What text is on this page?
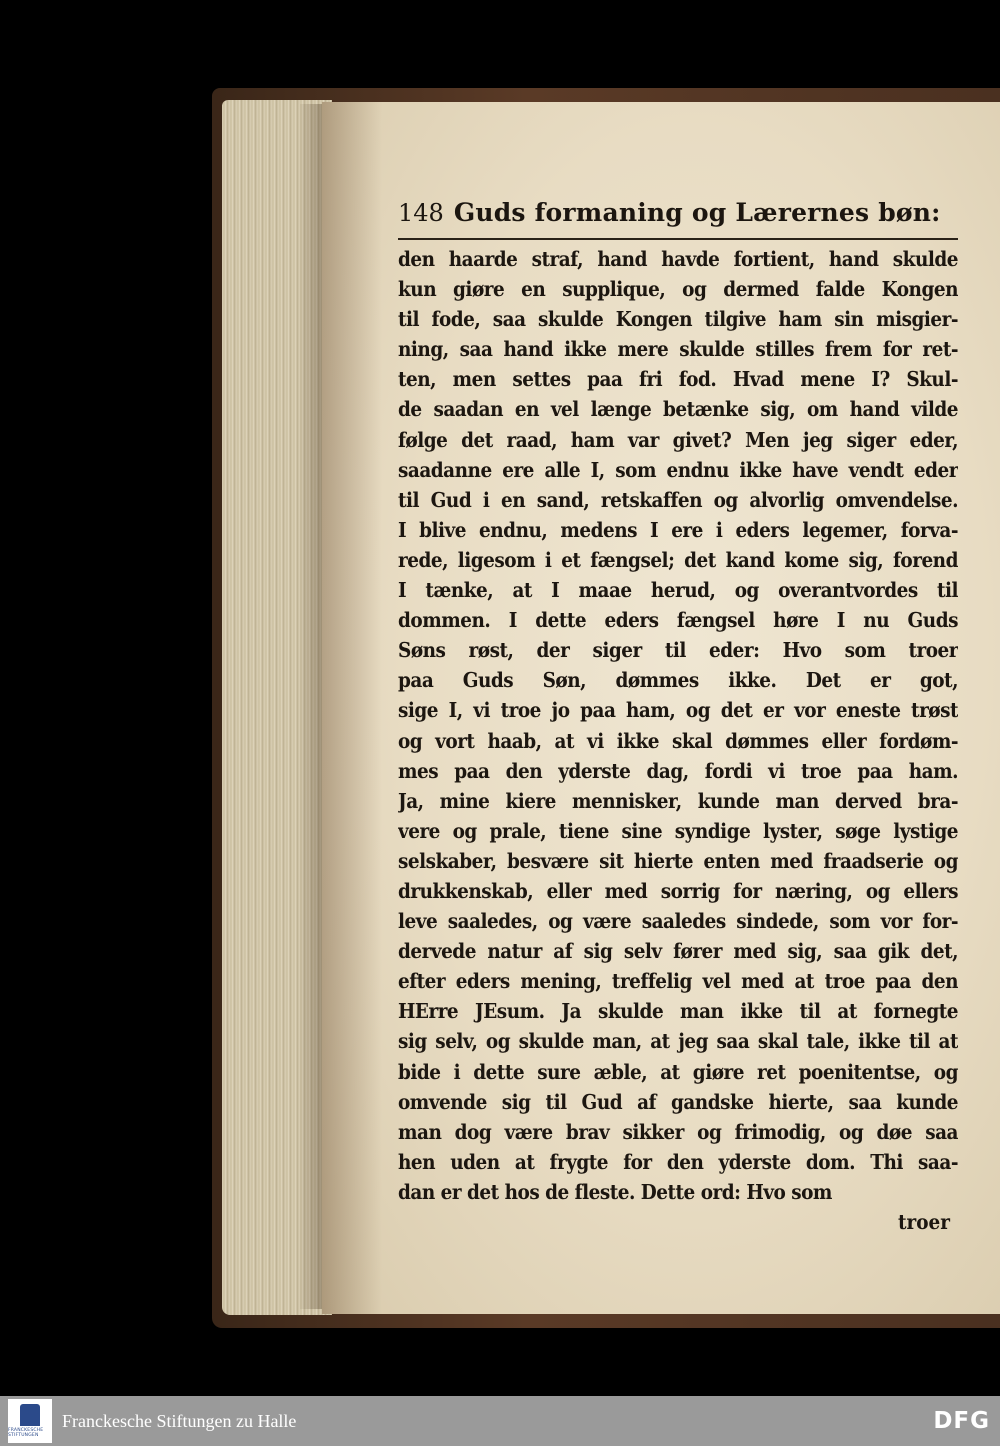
148 Guds formaning og Lærernes bøn:
den haarde straf, hand havde fortient, hand skulde
kun giøre en supplique, og dermed falde Kongen
til fode, saa skulde Kongen tilgive ham sin misgier-
ning, saa hand ikke mere skulde stilles frem for ret-
ten, men settes paa fri fod. Hvad mene I? Skul-
de saadan en vel længe betænke sig, om hand vilde
følge det raad, ham var givet? Men jeg siger eder,
saadanne ere alle I, som endnu ikke have vendt eder
til Gud i en sand, retskaffen og alvorlig omvendelse.
I blive endnu, medens I ere i eders legemer, forva-
rede, ligesom i et fængsel; det kand kome sig, forend
I tænke, at I maae herud, og overantvordes til
dommen. I dette eders fængsel høre I nu Guds
Søns røst, der siger til eder: Hvo som troer
paa Guds Søn, dømmes ikke. Det er got,
sige I, vi troe jo paa ham, og det er vor eneste trøst
og vort haab, at vi ikke skal dømmes eller fordøm-
mes paa den yderste dag, fordi vi troe paa ham.
Ja, mine kiere mennisker, kunde man derved bra-
vere og prale, tiene sine syndige lyster, søge lystige
selskaber, besvære sit hierte enten med fraadserie og
drukkenskab, eller med sorrig for næring, og ellers
leve saaledes, og være saaledes sindede, som vor for-
dervede natur af sig selv fører med sig, saa gik det,
efter eders mening, treffelig vel med at troe paa den
HErre JEsum. Ja skulde man ikke til at fornegte
sig selv, og skulde man, at jeg saa skal tale, ikke til at
bide i dette sure æble, at giøre ret poenitentse, og
omvende sig til Gud af gandske hierte, saa kunde
man dog være brav sikker og frimodig, og døe saa
hen uden at frygte for den yderste dom. Thi saa-
dan er det hos de fleste. Dette ord: Hvo som
troer
FRANCKESCHE STIFTUNGEN
Franckesche Stiftungen zu Halle	DFG
